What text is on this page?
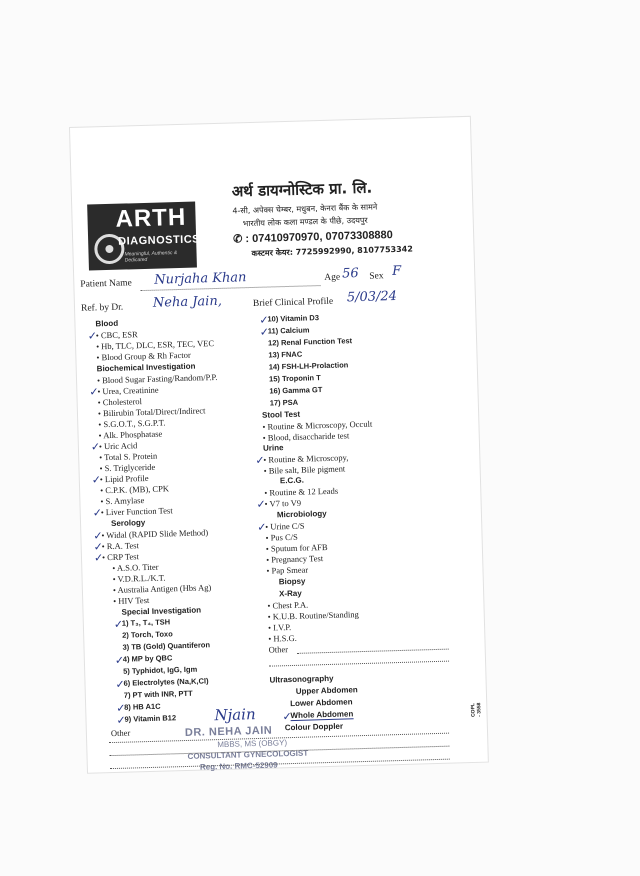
ARTH
DIAGNOSTICS
Meaningful, Authentic & Dedicated
अर्थ डायग्नोस्टिक प्रा. लि.
4-सी, अपेक्स चेम्बर, मधुबन, केनरा बैंक के सामने
भारतीय लोक कला मण्डल के पीछे, उदयपुर
✆ : 07410970970, 07073308880
कस्टमर केयर: 7725992990, 8107753342
Patient Name Nurjaha Khan	Age 56 Sex F
Ref. by Dr. Neha Jain,	Brief Clinical Profile 5/03/24
Blood
✓
• CBC, ESR
• Hb, TLC, DLC, ESR, TEC, VEC
• Blood Group & Rh Factor
Biochemical Investigation
• Blood Sugar Fasting/Random/P.P.
✓
• Urea, Creatinine
• Cholesterol
• Bilirubin Total/Direct/Indirect
• S.G.O.T., S.G.P.T.
• Alk. Phosphatase
✓
• Uric Acid
• Total S. Protein
• S. Triglyceride
✓
• Lipid Profile
• C.P.K. (MB), CPK
• S. Amylase
✓
• Liver Function Test
Serology
✓
• Widal (RAPID Slide Method)
✓
• R.A. Test
✓
• CRP Test
• A.S.O. Titer
• V.D.R.L./K.T.
• Australia Antigen (Hbs Ag)
• HIV Test
Special Investigation
✓
1) T₃, T₄, TSH
2) Torch, Toxo
3) TB (Gold) Quantiferon
✓
4) MP by QBC
5) Typhidot, IgG, Igm
✓
6) Electrolytes (Na,K,Cl)
7) PT with INR, PTT
✓
8) HB A1C
✓
9) Vitamin B12
Other
✓
10) Vitamin D3
✓
11) Calcium
12) Renal Function Test
13) FNAC
14) FSH-LH-Prolaction
15) Troponin T
16) Gamma GT
17) PSA
Stool Test
• Routine & Microscopy, Occult
• Blood, disaccharide test
Urine
✓
• Routine & Microscopy,
• Bile salt, Bile pigment
E.C.G.
• Routine & 12 Leads
✓
• V7 to V9
Microbiology
✓
• Urine C/S
• Pus C/S
• Sputum for AFB
• Pregnancy Test
• Pap Smear
Biopsy
X-Ray
• Chest P.A.
• K.U.B. Routine/Standing
• I.V.P.
• H.S.G.
Other
Ultrasonography
Upper Abdomen
Lower Abdomen
✓
Whole Abdomen
Colour Doppler
Njain
DR. NEHA JAIN
MBBS, MS (OBGY)
CONSULTANT GYNECOLOGIST
Reg. No. RMC-52909
COPL - 3558
